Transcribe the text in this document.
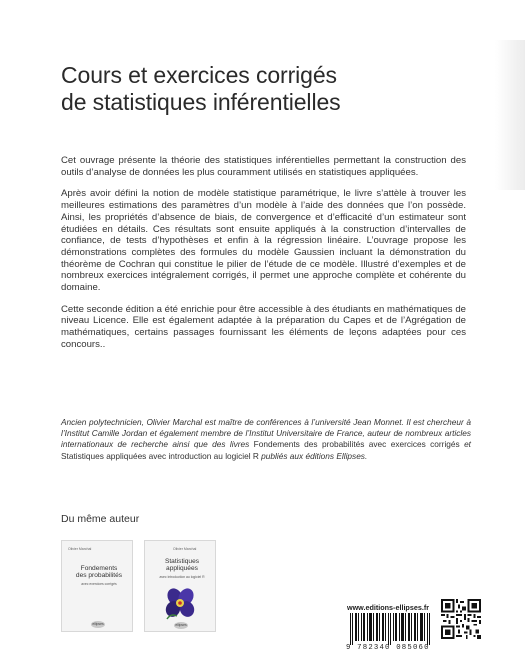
Cours et exercices corrigés
de statistiques inférentielles

Cet ouvrage présente la théorie des statistiques inférentielles permettant la construction des outils d’analyse de données les plus couramment utilisés en statistiques appliquées.

Après avoir défini la notion de modèle statistique paramétrique, le livre s’attèle à trouver les meilleures estimations des paramètres d’un modèle à l’aide des données que l’on possède. Ainsi, les propriétés d’absence de biais, de convergence et d’efficacité d’un estimateur sont étudiées en détails. Ces résultats sont ensuite appliqués à la construction d’intervalles de confiance, de tests d’hypothèses et enfin à la régression linéaire. L’ouvrage propose les démonstrations complètes des formules du modèle Gaussien incluant la démonstration du théorème de Cochran qui constitue le pilier de l’étude de ce modèle. Illustré d’exemples et de nombreux exercices intégralement corrigés, il permet une approche complète et cohérente du domaine.

Cette seconde édition a été enrichie pour être accessible à des étudiants en mathématiques de niveau Licence. Elle est également adaptée à la préparation du Capes et de l’Agrégation de mathématiques, certains passages fournissant les éléments de leçons adaptées pour ces concours..

Ancien polytechnicien, Olivier Marchal est maître de conférences à l’université Jean Monnet. Il est chercheur à l’Institut Camille Jordan et également membre de l’Institut Universitaire de France, auteur de nombreux articles internationaux de recherche ainsi que des livres Fondements des probabilités avec exercices corrigés et Statistiques appliquées avec introduction au logiciel R publiés aux éditions Ellipses.
Du même auteur
Olivier Marchal
Fondements
des probabilités
avec exercices corrigés
ellipses
Olivier Marchal
Statistiques
appliquées
avec introduction au logiciel R
ellipses
www.editions-ellipses.fr
9 782340 085060
